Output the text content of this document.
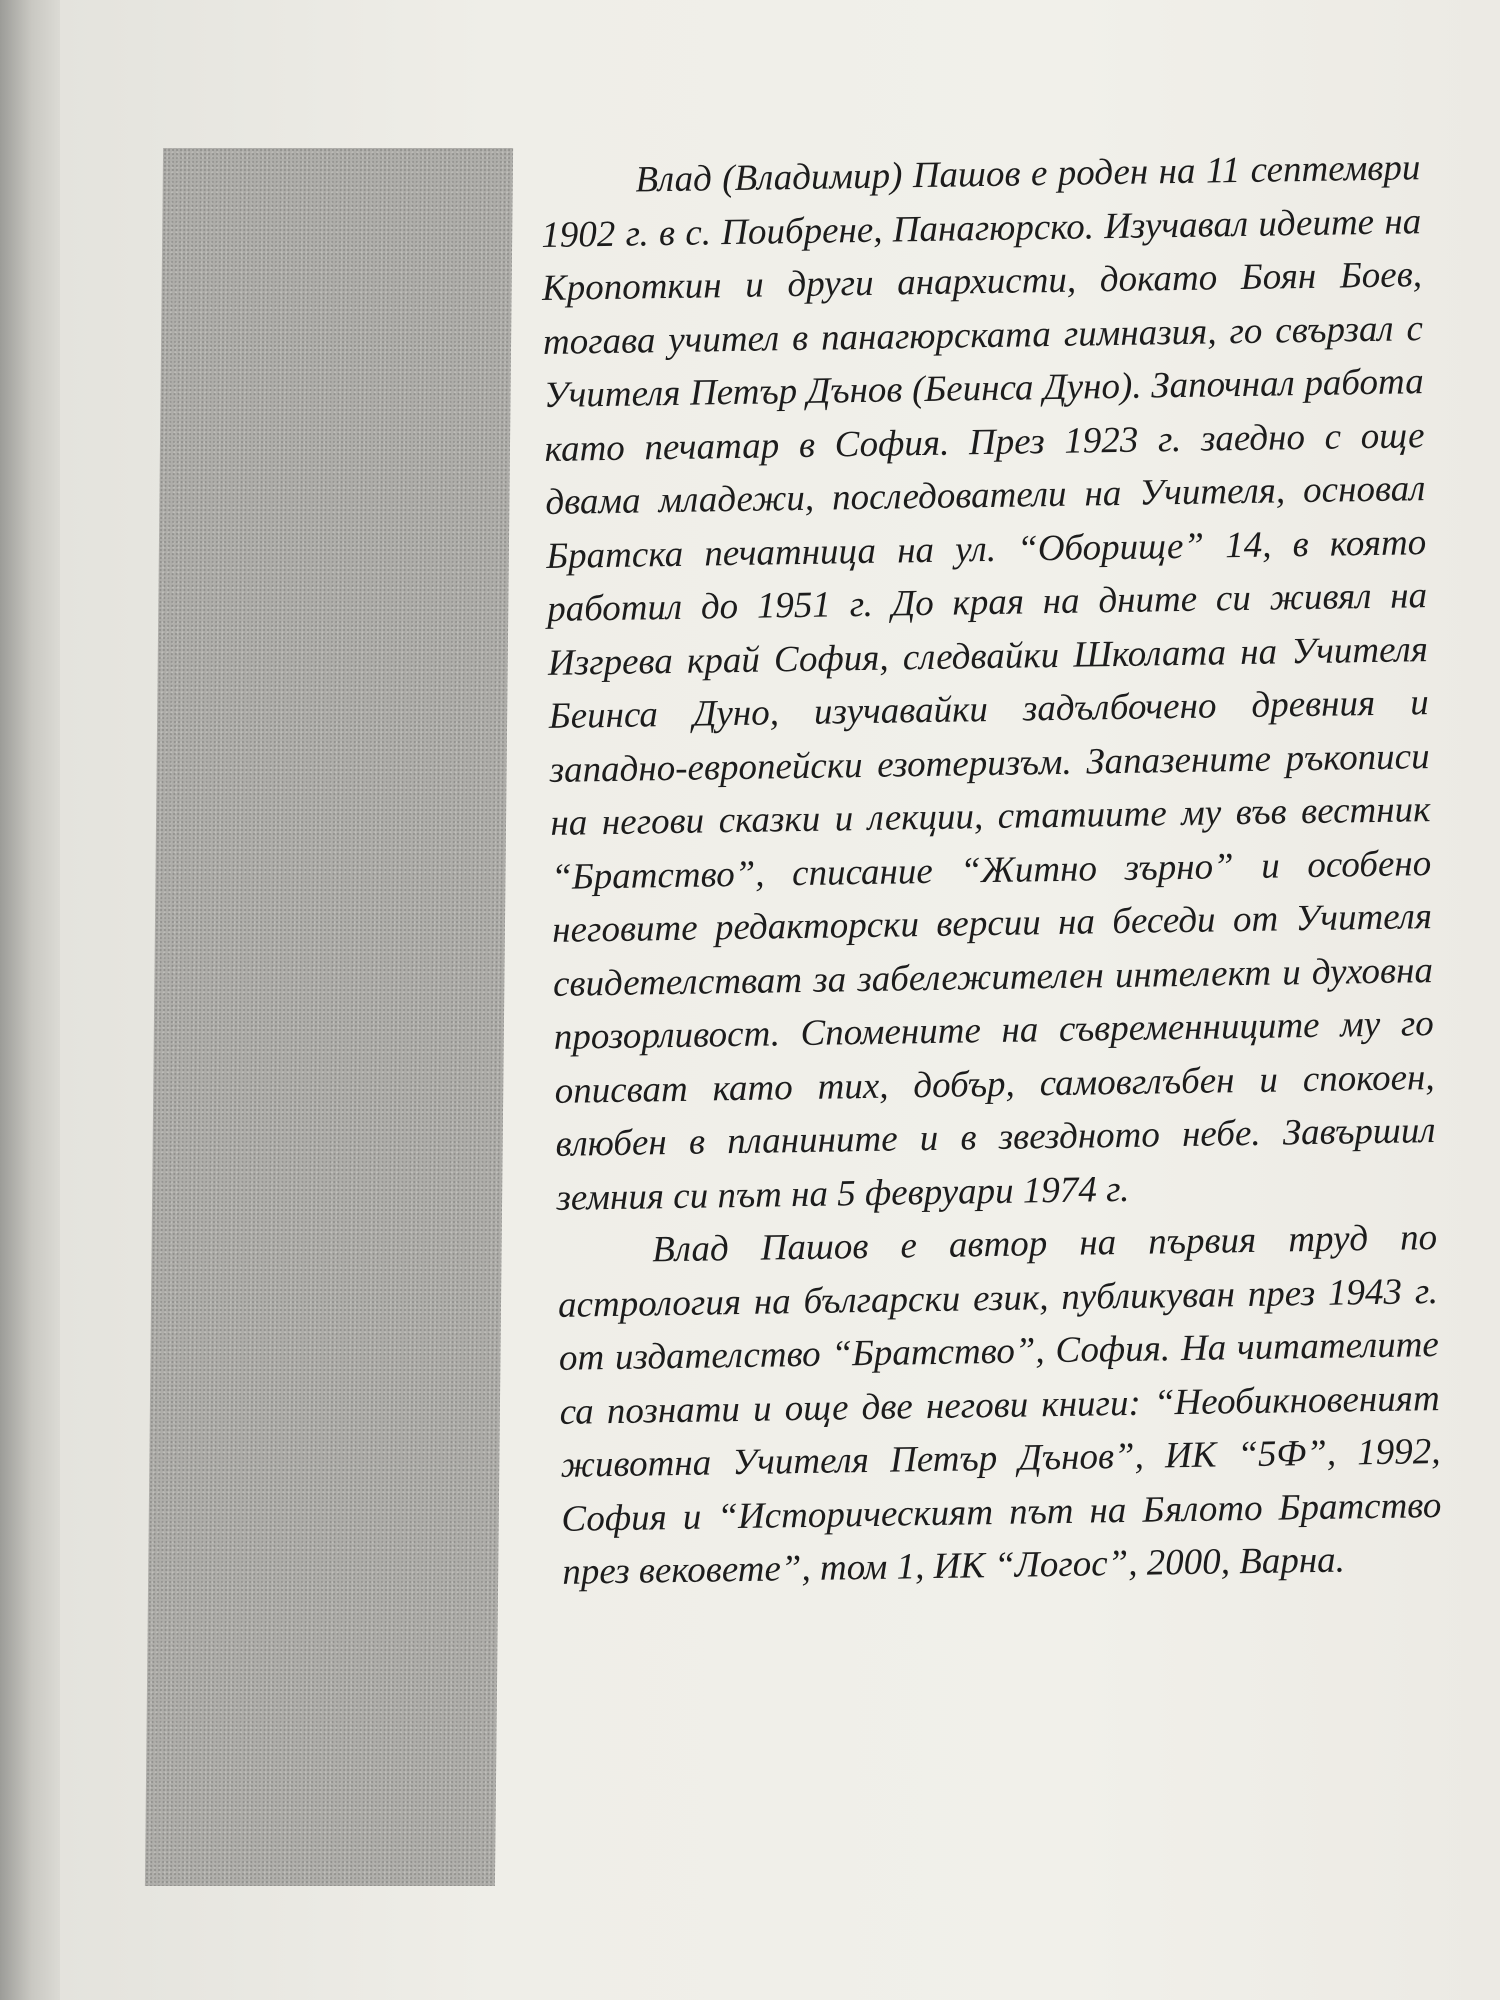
Влад (Владимир) Пашов е роден на 11 септември 1902 г. в с. Поибрене, Панагюрско. Изучавал идеите на Кропоткин и други анархисти, докато Боян Боев, тогава учител в панагюрската гимназия, го свързал с Учителя Петър Дънов (Беинса Дуно). Започнал работа като печатар в София. През 1923 г. заедно с още двама младежи, последователи на Учителя, основал Братска печатница на ул. “Оборище” 14, в която работил до 1951 г. До края на дните си живял на Изгрева край София, следвайки Школата на Учителя Беинса Дуно, изучавайки задълбочено древния и западно-европейски езотеризъм. Запазените ръкописи на негови сказки и лекции, статиите му във вестник “Братство”, списание “Житно зърно” и особено неговите редакторски версии на беседи от Учителя свидетелстват за забележителен интелект и духовна прозорливост. Спомените на съвременниците му го описват като тих, добър, самовглъбен и спокоен, влюбен в планините и в звездното небе. Завършил земния си път на 5 февруари 1974 г.

Влад Пашов е автор на първия труд по астрология на български език, публикуван през 1943 г. от издателство “Братство”, София. На читателите са познати и още две негови книги: “Необикновеният животна Учителя Петър Дънов”, ИК “5Ф”, 1992, София и “Историческият път на Бялото Братство през вековете”, том 1, ИК “Логос”, 2000, Варна.
